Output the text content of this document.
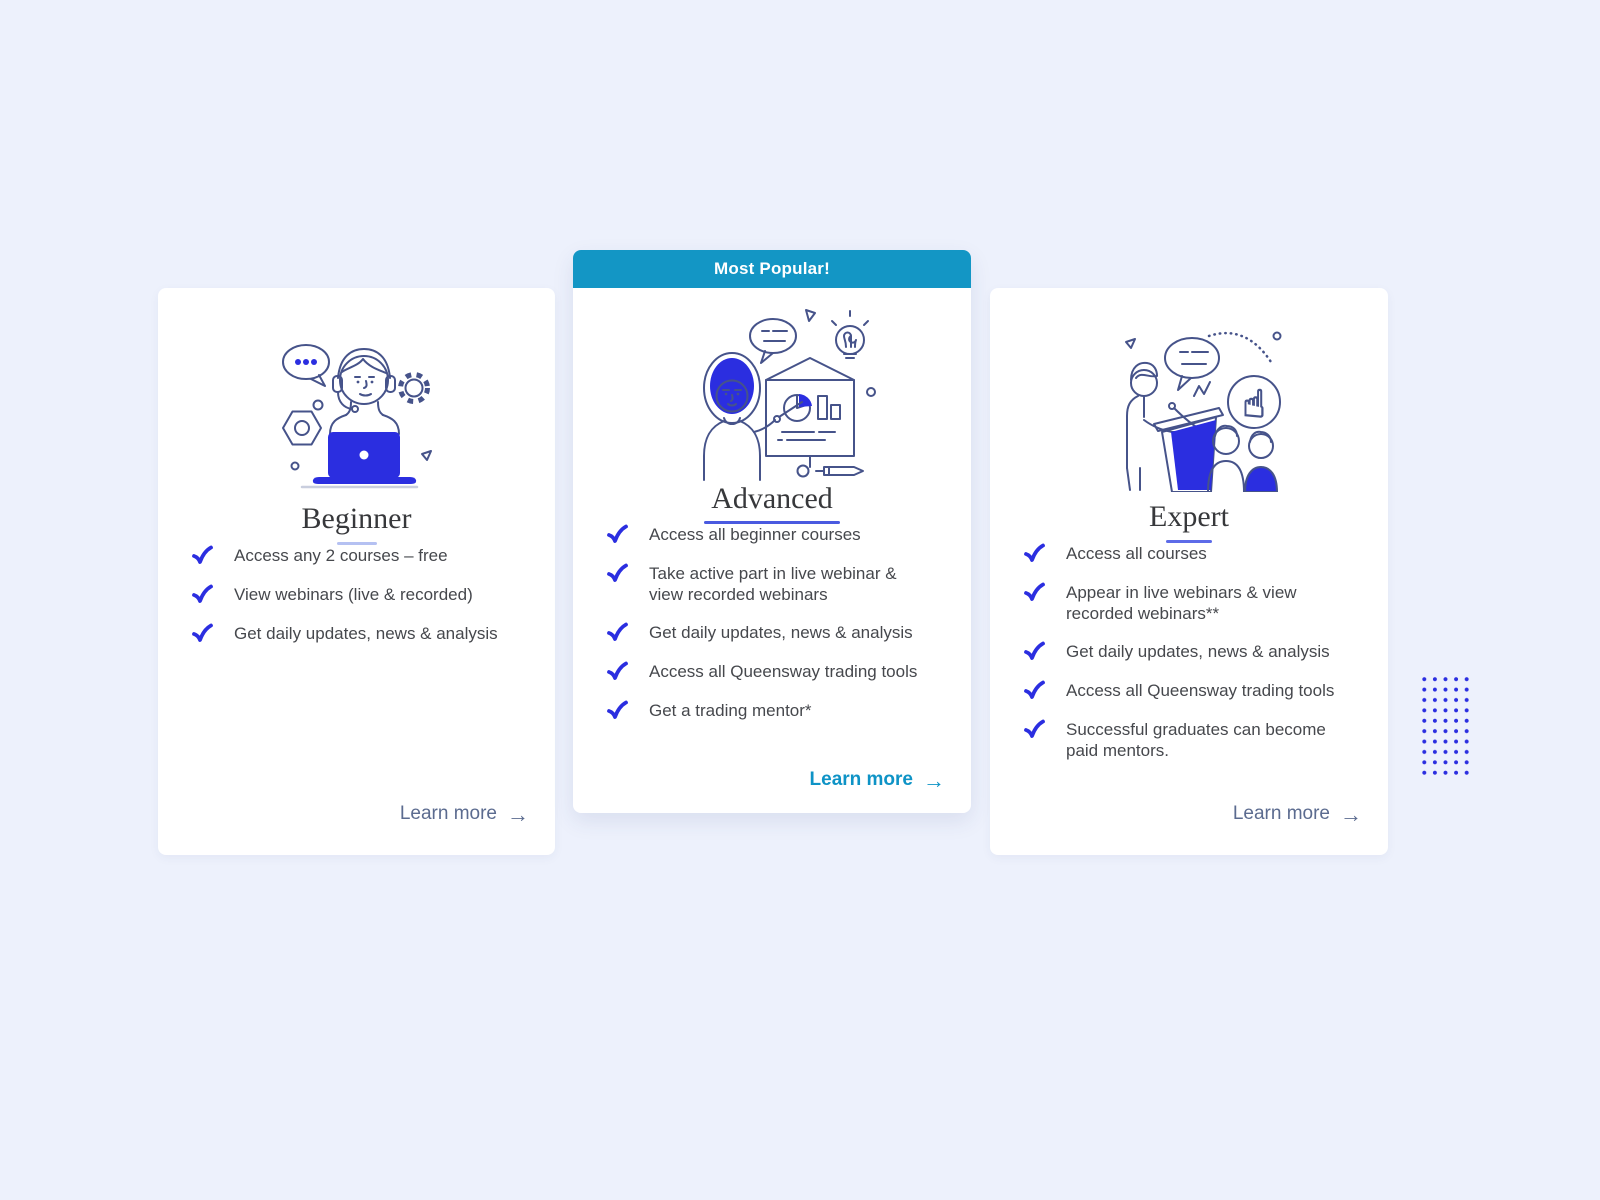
Beginner
Access any 2 courses – free
View webinars (live & recorded)
Get daily updates, news & analysis
Learn more →
Most Popular!
Advanced
Access all beginner courses
Take active part in live webinar & view recorded webinars
Get daily updates, news & analysis
Access all Queensway trading tools
Get a trading mentor*
Learn more →
☝
Expert
Access all courses
Appear in live webinars & view recorded webinars**
Get daily updates, news & analysis
Access all Queensway trading tools
Successful graduates can become paid mentors.
Learn more →
